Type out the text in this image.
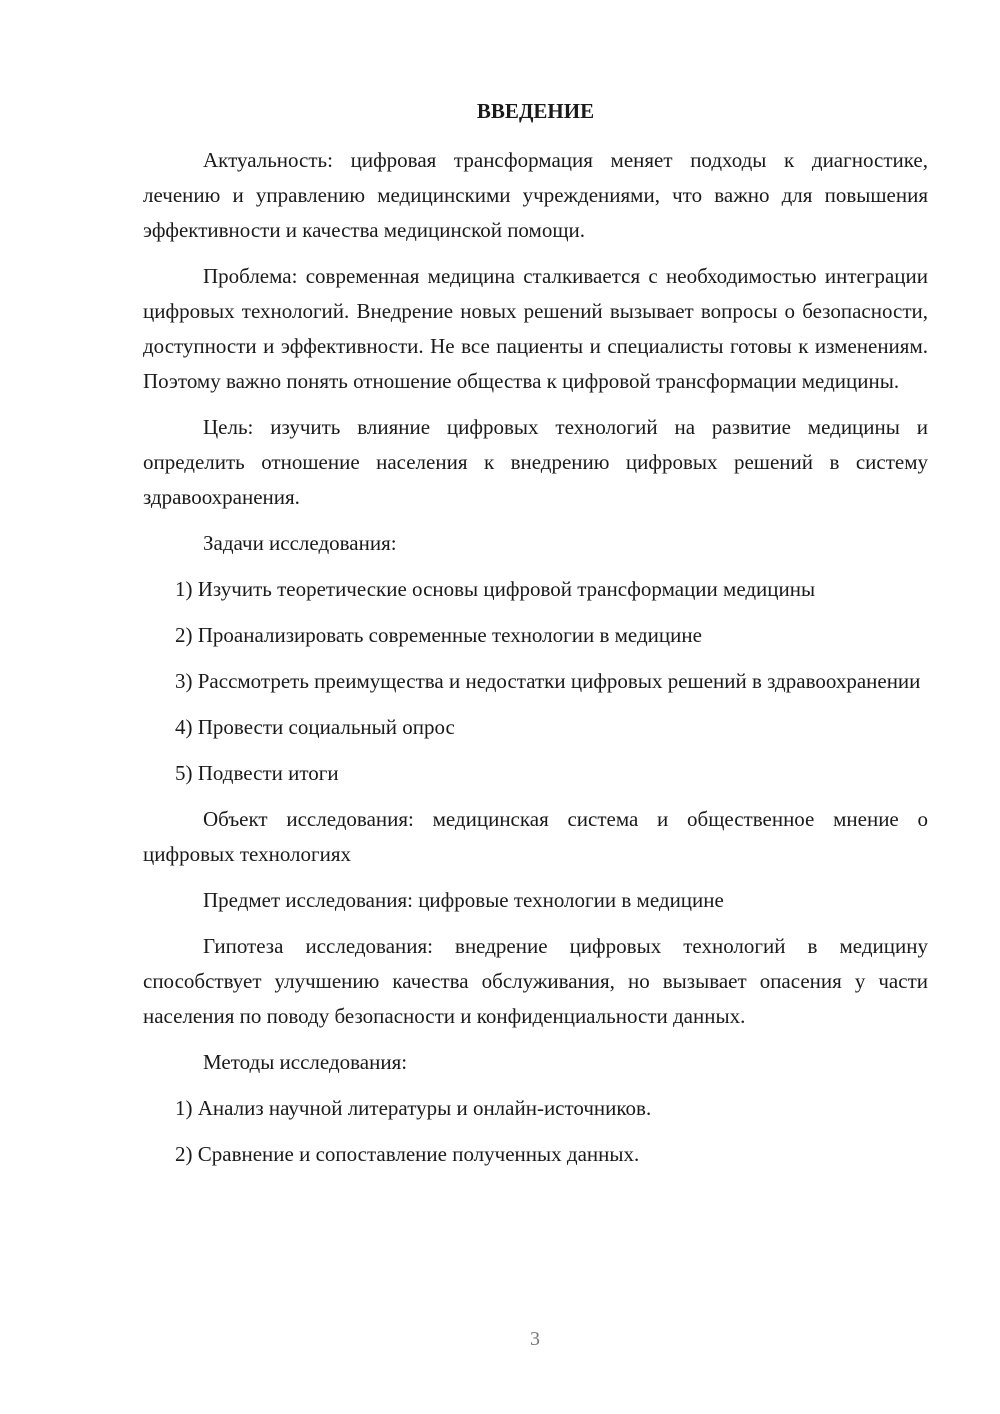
ВВЕДЕНИЕ

Актуальность: цифровая трансформация меняет подходы к диагностике, лечению и управлению медицинскими учреждениями, что важно для повышения эффективности и качества медицинской помощи.

Проблема: современная медицина сталкивается с необходимостью интеграции цифровых технологий. Внедрение новых решений вызывает вопросы о безопасности, доступности и эффективности. Не все пациенты и специалисты готовы к изменениям. Поэтому важно понять отношение общества к цифровой трансформации медицины.

Цель: изучить влияние цифровых технологий на развитие медицины и определить отношение населения к внедрению цифровых решений в систему здравоохранения.

Задачи исследования:

1) Изучить теоретические основы цифровой трансформации медицины

2) Проанализировать современные технологии в медицине

3) Рассмотреть преимущества и недостатки цифровых решений в здравоохранении

4) Провести социальный опрос

5) Подвести итоги

Объект исследования: медицинская система и общественное мнение о цифровых технологиях

Предмет исследования: цифровые технологии в медицине

Гипотеза исследования: внедрение цифровых технологий в медицину способствует улучшению качества обслуживания, но вызывает опасения у части населения по поводу безопасности и конфиденциальности данных.

Методы исследования:

1) Анализ научной литературы и онлайн-источников.

2) Сравнение и сопоставление полученных данных.

3
